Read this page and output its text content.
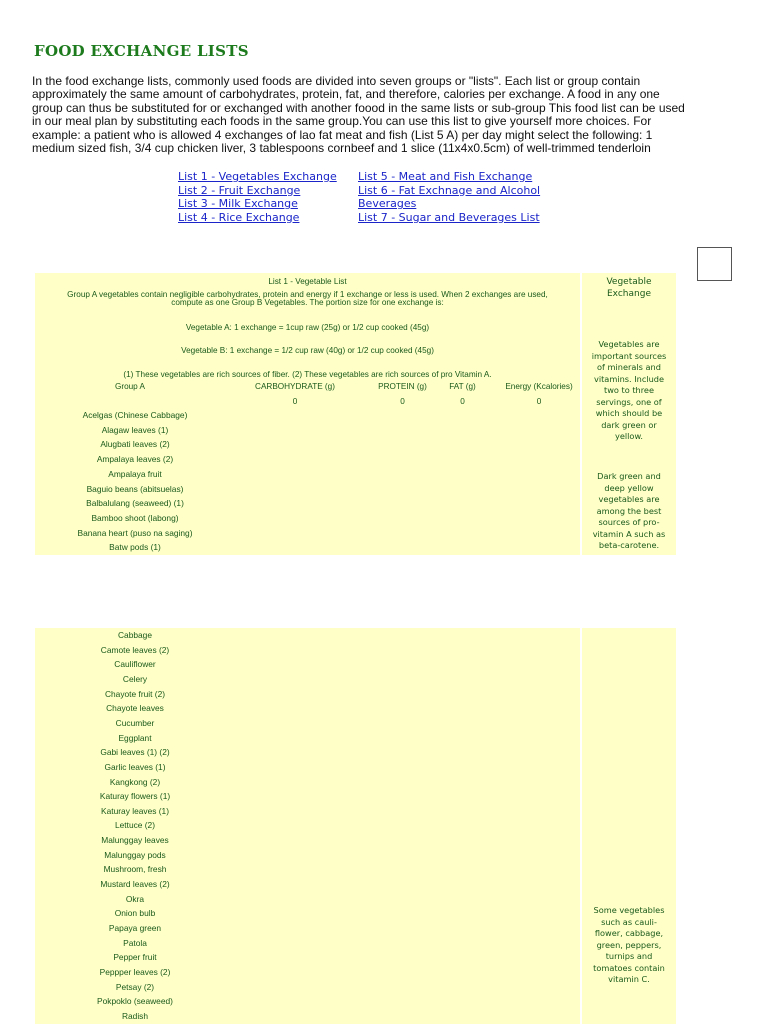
FOOD EXCHANGE LISTS
In the food exchange lists, commonly used foods are divided into seven groups or "lists". Each list or group contain approximately the same amount of carbohydrates, protein, fat, and therefore, calories per exchange. A food in any one group can thus be substituted for or exchanged with another foood in the same lists or sub-group This food list can be used in our meal plan by substituting each foods in the same group.You can use this list to give yourself more choices. For example: a patient who is allowed 4 exchanges of lao fat meat and fish (List 5 A) per day might select the following: 1 medium sized fish, 3/4 cup chicken liver, 3 tablespoons cornbeef and 1 slice (11x4x0.5cm) of well-trimmed tenderloin
List 1 - Vegetables Exchange
List 2 - Fruit Exchange
List 3 - Milk Exchange
List 4 - Rice Exchange
List 5 - Meat and Fish Exchange
List 6 - Fat Exchnage and Alcohol
Beverages
List 7 - Sugar and Beverages List
List 1 - Vegetable List
Group A vegetables contain negligible carbohydrates, protein and energy if 1 exchange or less is used. When 2 exchanges are used,
compute as one Group B Vegetables. The portion size for one exchange is:
Vegetable A: 1 exchange = 1cup raw (25g) or 1/2 cup cooked (45g)
Vegetable B: 1 exchange = 1/2 cup raw (40g) or 1/2 cup cooked (45g)
(1) These vegetables are rich sources of fiber. (2) These vegetables are rich sources of pro Vitamin A.
Group A	CARBOHYDRATE (g)	PROTEIN (g)	FAT (g)	Energy (Kcalories)
0	0	0	0
Vegetable
Exchange
Vegetables are
important sources
of minerals and
vitamins. Include
two to three
servings, one of
which should be
dark green or
yellow.
Dark green and
deep yellow
vegetables are
among the best
sources of pro-
vitamin A such as
beta-carotene.
Acelgas (Chinese Cabbage)
Alagaw leaves (1)
Alugbati leaves (2)
Ampalaya leaves (2)
Ampalaya fruit
Baguio beans (abitsuelas)
Balbalulang (seaweed) (1)
Bamboo shoot (labong)
Banana heart (puso na saging)
Batw pods (1)
Some vegetables
such as cauli-
flower, cabbage,
green, peppers,
turnips and
tomatoes contain
vitamin C.
Cabbage
Camote leaves (2)
Cauliflower
Celery
Chayote fruit (2)
Chayote leaves
Cucumber
Eggplant
Gabi leaves (1) (2)
Garlic leaves (1)
Kangkong (2)
Katuray flowers (1)
Katuray leaves (1)
Lettuce (2)
Malunggay leaves
Malunggay pods
Mushroom, fresh
Mustard leaves (2)
Okra
Onion bulb
Papaya green
Patola
Pepper fruit
Peppper leaves (2)
Petsay (2)
Pokpoklo (seaweed)
Radish
